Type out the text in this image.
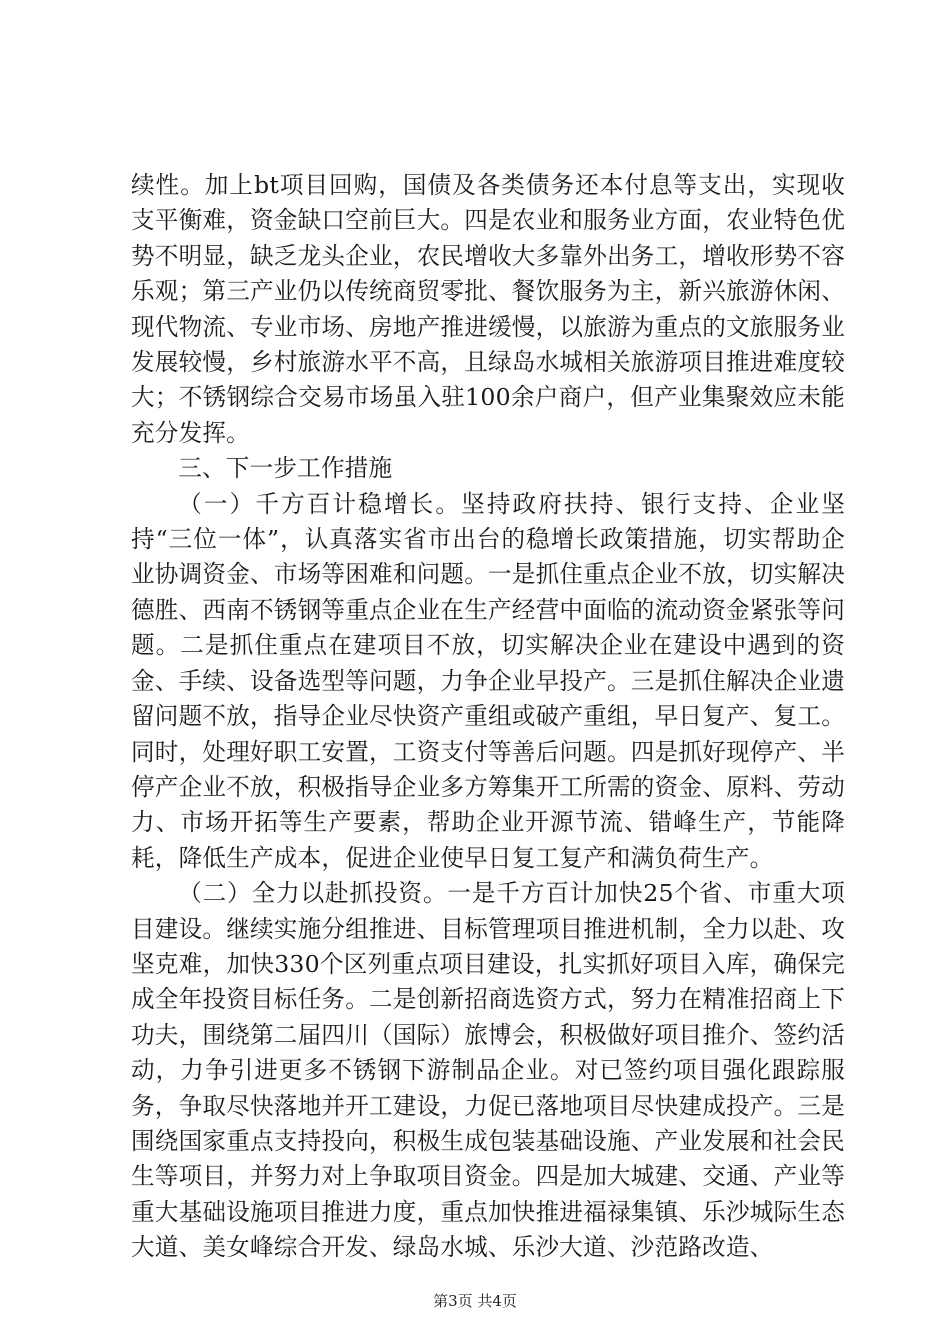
续性。加上bt项目回购，国债及各类债务还本付息等支出，实现收支平衡难，资金缺口空前巨大。四是农业和服务业方面，农业特色优势不明显，缺乏龙头企业，农民增收大多靠外出务工，增收形势不容乐观；第三产业仍以传统商贸零批、餐饮服务为主，新兴旅游休闲、现代物流、专业市场、房地产推进缓慢，以旅游为重点的文旅服务业发展较慢，乡村旅游水平不高，且绿岛水城相关旅游项目推进难度较大；不锈钢综合交易市场虽入驻100余户商户，但产业集聚效应未能充分发挥。

三、下一步工作措施

（一）千方百计稳增长。坚持政府扶持、银行支持、企业坚持“三位一体”，认真落实省市出台的稳增长政策措施，切实帮助企业协调资金、市场等困难和问题。一是抓住重点企业不放，切实解决德胜、西南不锈钢等重点企业在生产经营中面临的流动资金紧张等问题。二是抓住重点在建项目不放，切实解决企业在建设中遇到的资金、手续、设备选型等问题，力争企业早投产。三是抓住解决企业遗留问题不放，指导企业尽快资产重组或破产重组，早日复产、复工。同时，处理好职工安置，工资支付等善后问题。四是抓好现停产、半停产企业不放，积极指导企业多方筹集开工所需的资金、原料、劳动力、市场开拓等生产要素，帮助企业开源节流、错峰生产，节能降耗，降低生产成本，促进企业使早日复工复产和满负荷生产。

（二）全力以赴抓投资。一是千方百计加快25个省、市重大项目建设。继续实施分组推进、目标管理项目推进机制，全力以赴、攻坚克难，加快330个区列重点项目建设，扎实抓好项目入库，确保完成全年投资目标任务。二是创新招商选资方式，努力在精准招商上下功夫，围绕第二届四川（国际）旅博会，积极做好项目推介、签约活动，力争引进更多不锈钢下游制品企业。对已签约项目强化跟踪服务，争取尽快落地并开工建设，力促已落地项目尽快建成投产。三是围绕国家重点支持投向，积极生成包装基础设施、产业发展和社会民生等项目，并努力对上争取项目资金。四是加大城建、交通、产业等重大基础设施项目推进力度，重点加快推进福禄集镇、乐沙城际生态大道、美女峰综合开发、绿岛水城、乐沙大道、沙范路改造、

第3页 共4页
